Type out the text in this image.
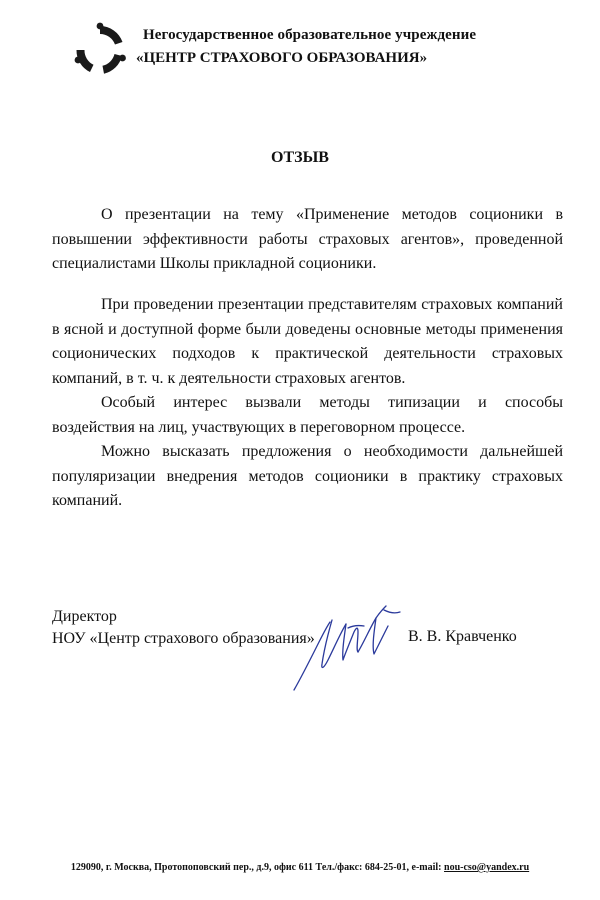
Негосударственное образовательное учреждение
«ЦЕНТР СТРАХОВОГО ОБРАЗОВАНИЯ»
ОТЗЫВ

О презентации на тему «Применение методов соционики в повышении эффективности работы страховых агентов», проведенной специалистами Школы прикладной соционики.

При проведении презентации представителям страховых компаний в ясной и доступной форме были доведены основные методы применения соционических подходов к практической деятельности страховых компаний, в т. ч. к деятельности страховых агентов.

Особый интерес вызвали методы типизации и способы воздействия на лиц, участвующих в переговорном процессе.

Можно высказать предложения о необходимости дальнейшей популяризации внедрения методов соционики в практику страховых компаний.

Директор
НОУ «Центр страхового образования»	В. В. Кравченко
129090, г. Москва, Протопоповский пер., д.9, офис 611 Тел./факс: 684-25-01, e-mail: nou-cso@yandex.ru
